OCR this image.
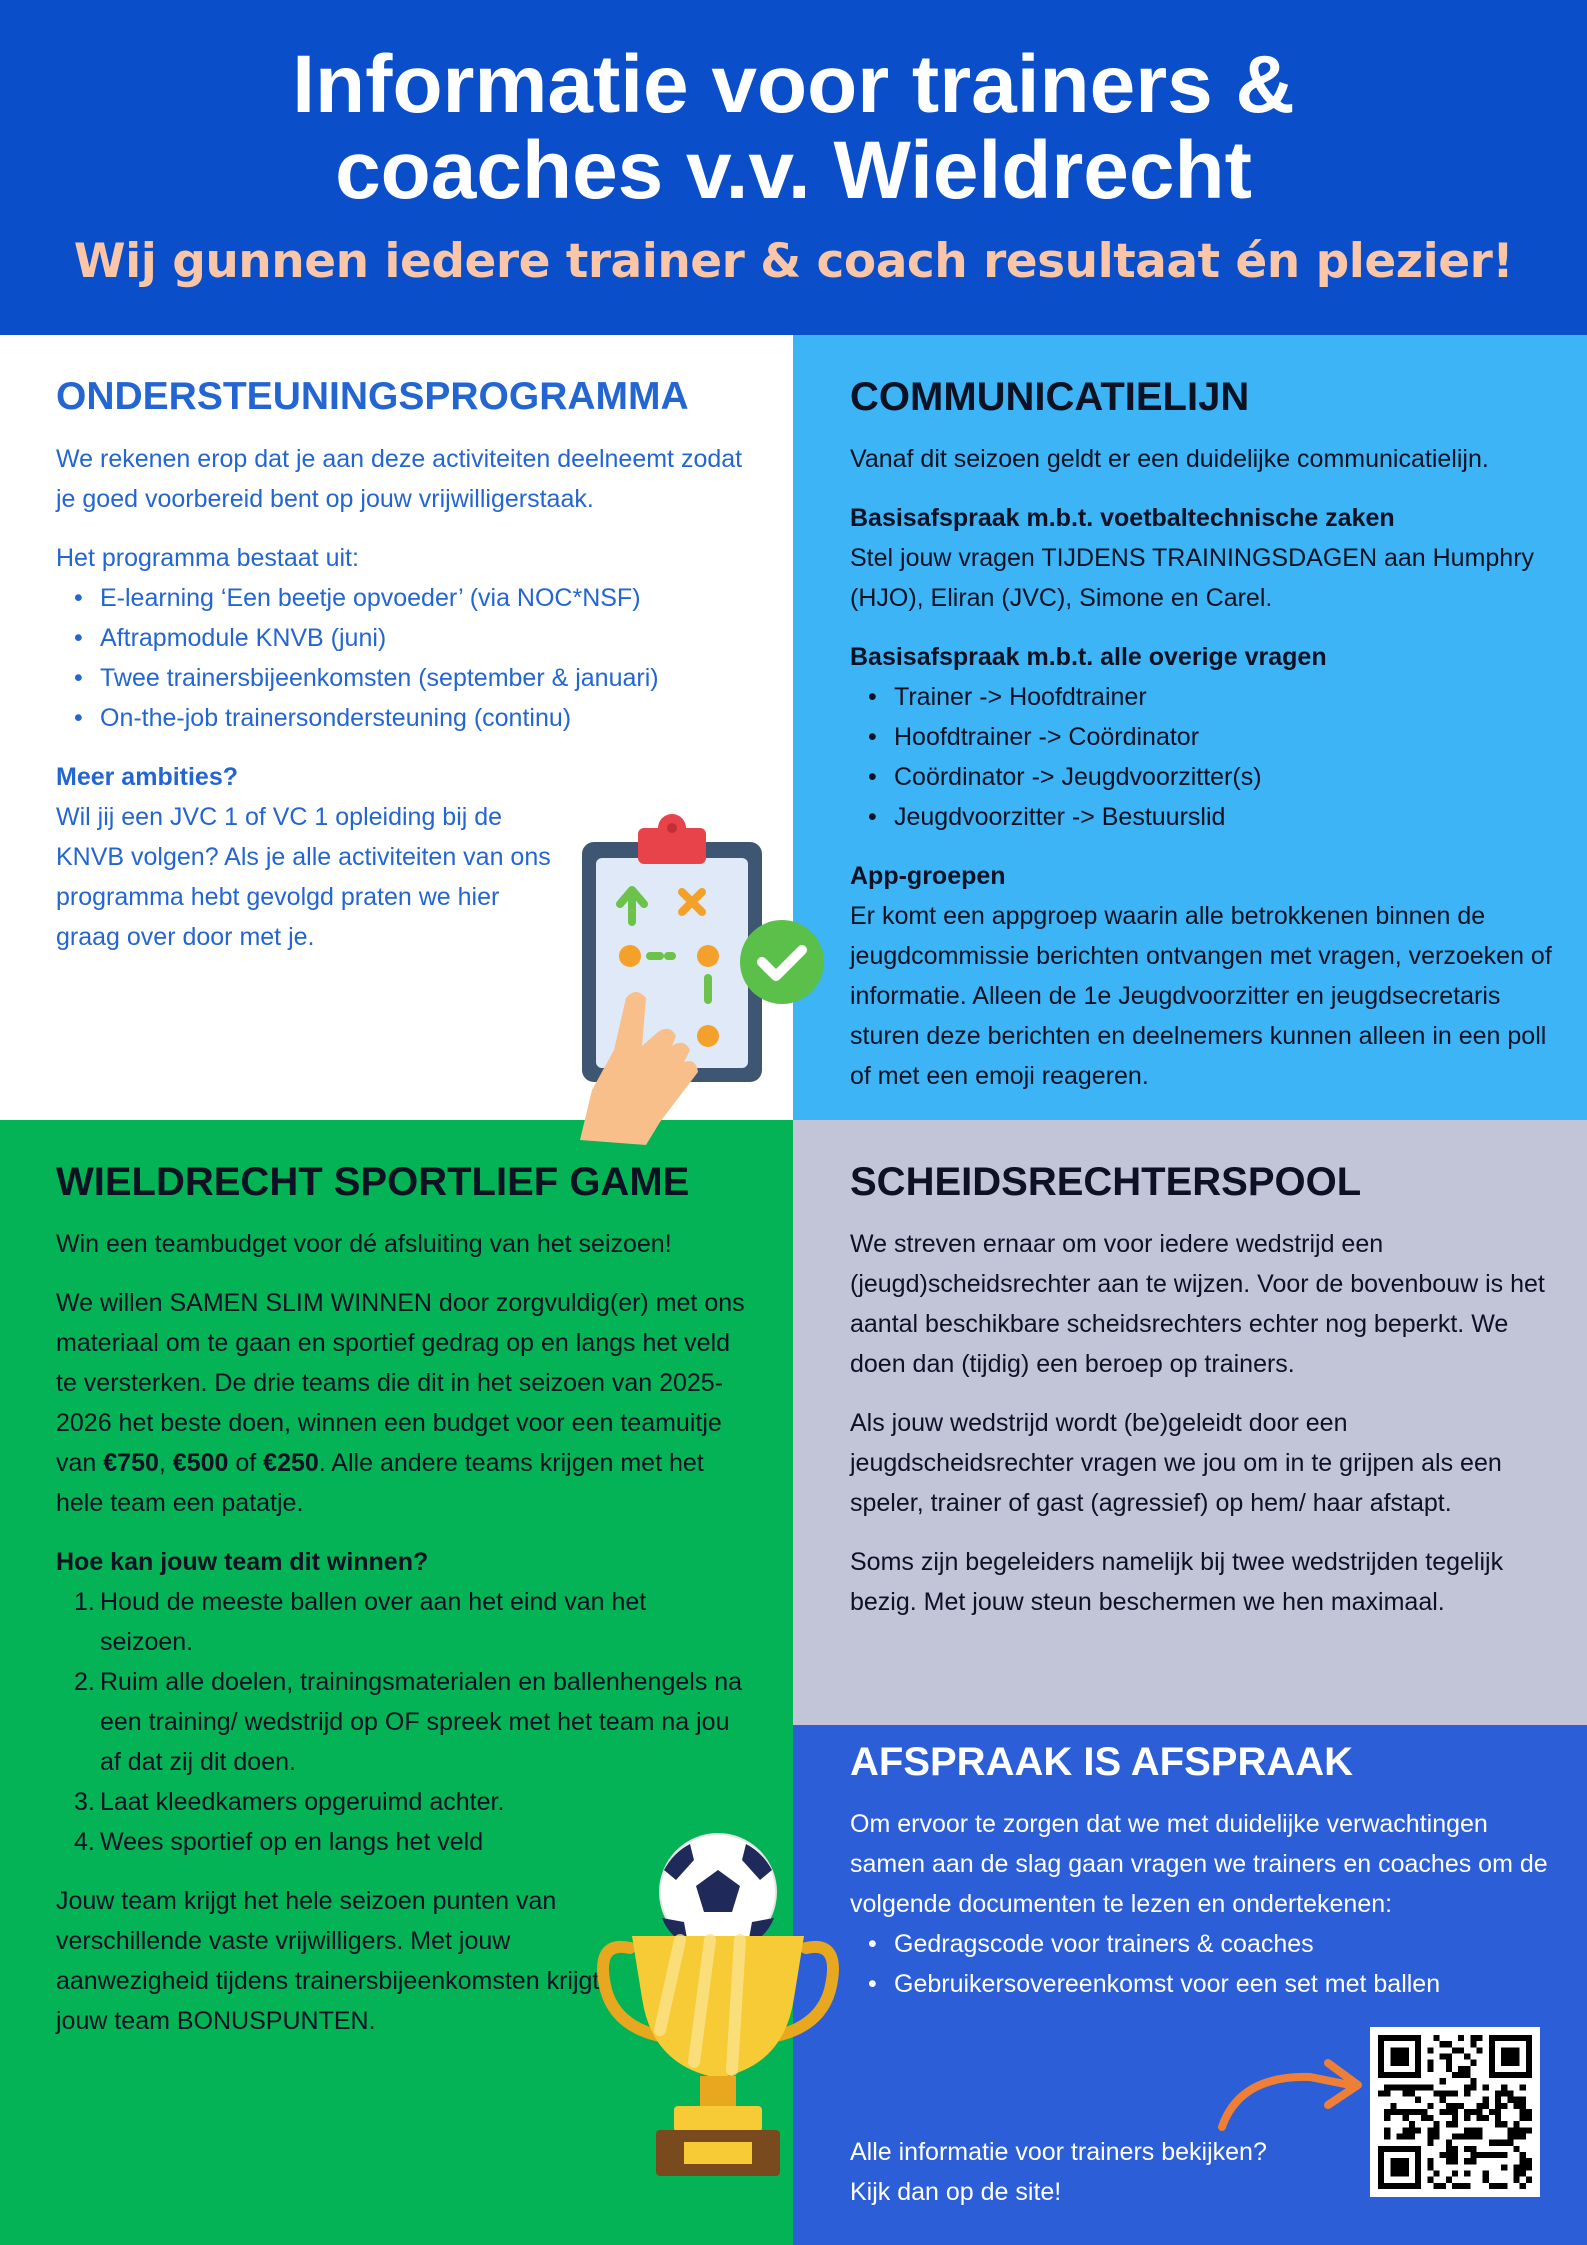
Informatie voor trainers &
coaches v.v. Wieldrecht
Wij gunnen iedere trainer & coach resultaat én plezier!
ONDERSTEUNINGSPROGRAMMA

We rekenen erop dat je aan deze activiteiten deelneemt zodat je goed voorbereid bent op jouw vrijwilligerstaak.

Het programma bestaat uit:
• E-learning ‘Een beetje opvoeder’ (via NOC*NSF)
• Aftrapmodule KNVB (juni)
• Twee trainersbijeenkomsten (september & januari)
• On-the-job trainersondersteuning (continu)
Meer ambities?

Wil jij een JVC 1 of VC 1 opleiding bij de KNVB volgen? Als je alle activiteiten van ons programma hebt gevolgd praten we hier graag over door met je.

COMMUNICATIELIJN

Vanaf dit seizoen geldt er een duidelijke communicatielijn.

Basisafspraak m.b.t. voetbaltechnische zaken

Stel jouw vragen TIJDENS TRAININGSDAGEN aan Humphry (HJO), Eliran (JVC), Simone en Carel.

Basisafspraak m.b.t. alle overige vragen
• Trainer -> Hoofdtrainer
• Hoofdtrainer -> Coördinator
• Coördinator -> Jeugdvoorzitter(s)
• Jeugdvoorzitter -> Bestuurslid
App-groepen

Er komt een appgroep waarin alle betrokkenen binnen de jeugdcommissie berichten ontvangen met vragen, verzoeken of informatie. Alleen de 1e Jeugdvoorzitter en jeugdsecretaris sturen deze berichten en deelnemers kunnen alleen in een poll of met een emoji reageren.

WIELDRECHT SPORTLIEF GAME

Win een teambudget voor dé afsluiting van het seizoen!

We willen SAMEN SLIM WINNEN door zorgvuldig(er) met ons materiaal om te gaan en sportief gedrag op en langs het veld te versterken. De drie teams die dit in het seizoen van 2025-2026 het beste doen, winnen een budget voor een teamuitje van €750, €500 of €250. Alle andere teams krijgen met het hele team een patatje.

Hoe kan jouw team dit winnen?
1. Houd de meeste ballen over aan het eind van het seizoen.
2. Ruim alle doelen, trainingsmaterialen en ballenhengels na een training/ wedstrijd op OF spreek met het team na jou af dat zij dit doen.
3. Laat kleedkamers opgeruimd achter.
4. Wees sportief op en langs het veld

Jouw team krijgt het hele seizoen punten van verschillende vaste vrijwilligers. Met jouw aanwezigheid tijdens trainersbijeenkomsten krijgt jouw team BONUSPUNTEN.

SCHEIDSRECHTERSPOOL

We streven ernaar om voor iedere wedstrijd een (jeugd)scheidsrechter aan te wijzen. Voor de bovenbouw is het aantal beschikbare scheidsrechters echter nog beperkt. We doen dan (tijdig) een beroep op trainers.

Als jouw wedstrijd wordt (be)geleidt door een jeugdscheidsrechter vragen we jou om in te grijpen als een speler, trainer of gast (agressief) op hem/ haar afstapt.

Soms zijn begeleiders namelijk bij twee wedstrijden tegelijk bezig. Met jouw steun beschermen we hen maximaal.

AFSPRAAK IS AFSPRAAK

Om ervoor te zorgen dat we met duidelijke verwachtingen samen aan de slag gaan vragen we trainers en coaches om de volgende documenten te lezen en ondertekenen:

• Gedragscode voor trainers & coaches
• Gebruikersovereenkomst voor een set met ballen
Alle informatie voor trainers bekijken?
Kijk dan op de site!
